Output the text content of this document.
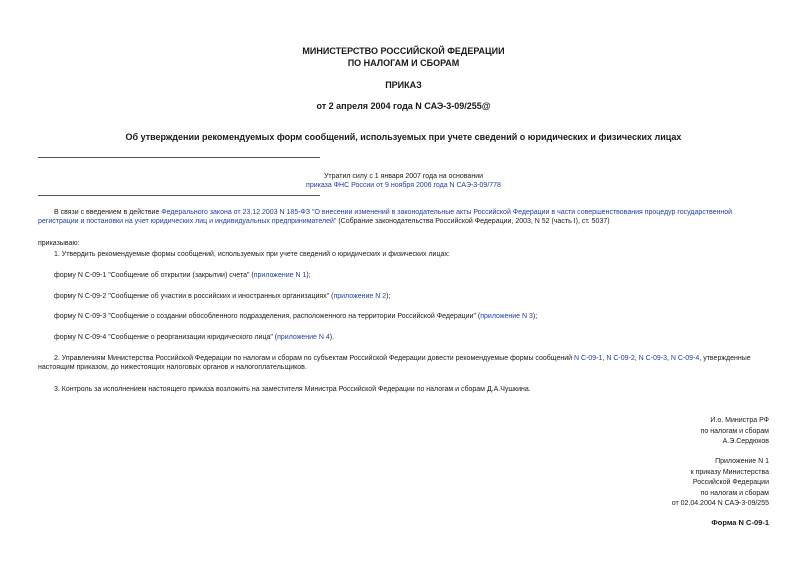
МИНИСТЕРСТВО РОССИЙСКОЙ ФЕДЕРАЦИИ
ПО НАЛОГАМ И СБОРАМ
ПРИКАЗ
от 2 апреля 2004 года N САЭ-3-09/255@
Об утверждении рекомендуемых форм сообщений, используемых при учете сведений о юридических и физических лицах
Утратил силу с 1 января 2007 года на основании
приказа ФНС России от 9 ноября 2006 года N САЭ-3-09/778
В связи с введением в действие Федерального закона от 23.12.2003 N 185-ФЗ "О внесении изменений в законодательные акты Российской Федерации в части совершенствования процедур государственной
регистрации и постановки на учет юридических лиц и индивидуальных предпринимателей" (Собрание законодательства Российской Федерации, 2003, N 52 (часть I), ст. 5037)
приказываю:
1. Утвердить рекомендуемые формы сообщений, используемых при учете сведений о юридических и физических лицах:
форму N С-09-1 "Сообщение об открытии (закрытии) счета" (приложение N 1);
форму N С-09-2 "Сообщение об участии в российских и иностранных организациях" (приложение N 2);
форму N С-09-3 "Сообщение о создании обособленного подразделения, расположенного на территории Российской Федерации" (приложение N 3);
форму N С-09-4 "Сообщение о реорганизации юридического лица" (приложение N 4).
2. Управлениям Министерства Российской Федерации по налогам и сборам по субъектам Российской Федерации довести рекомендуемые формы сообщений N С-09-1, N С-09-2, N С-09-3, N С-09-4, утвержденные
настоящим приказом, до нижестоящих налоговых органов и налогоплательщиков.
3. Контроль за исполнением настоящего приказа возложить на заместителя Министра Российской Федерации по налогам и сборам Д.А.Чушкина.
И.о. Министра РФ
по налогам и сборам
А.Э.Сердюков
Приложение N 1
к приказу Министерства
Российской Федерации
по налогам и сборам
от 02.04.2004 N САЭ-3-09/255
Форма N С-09-1
